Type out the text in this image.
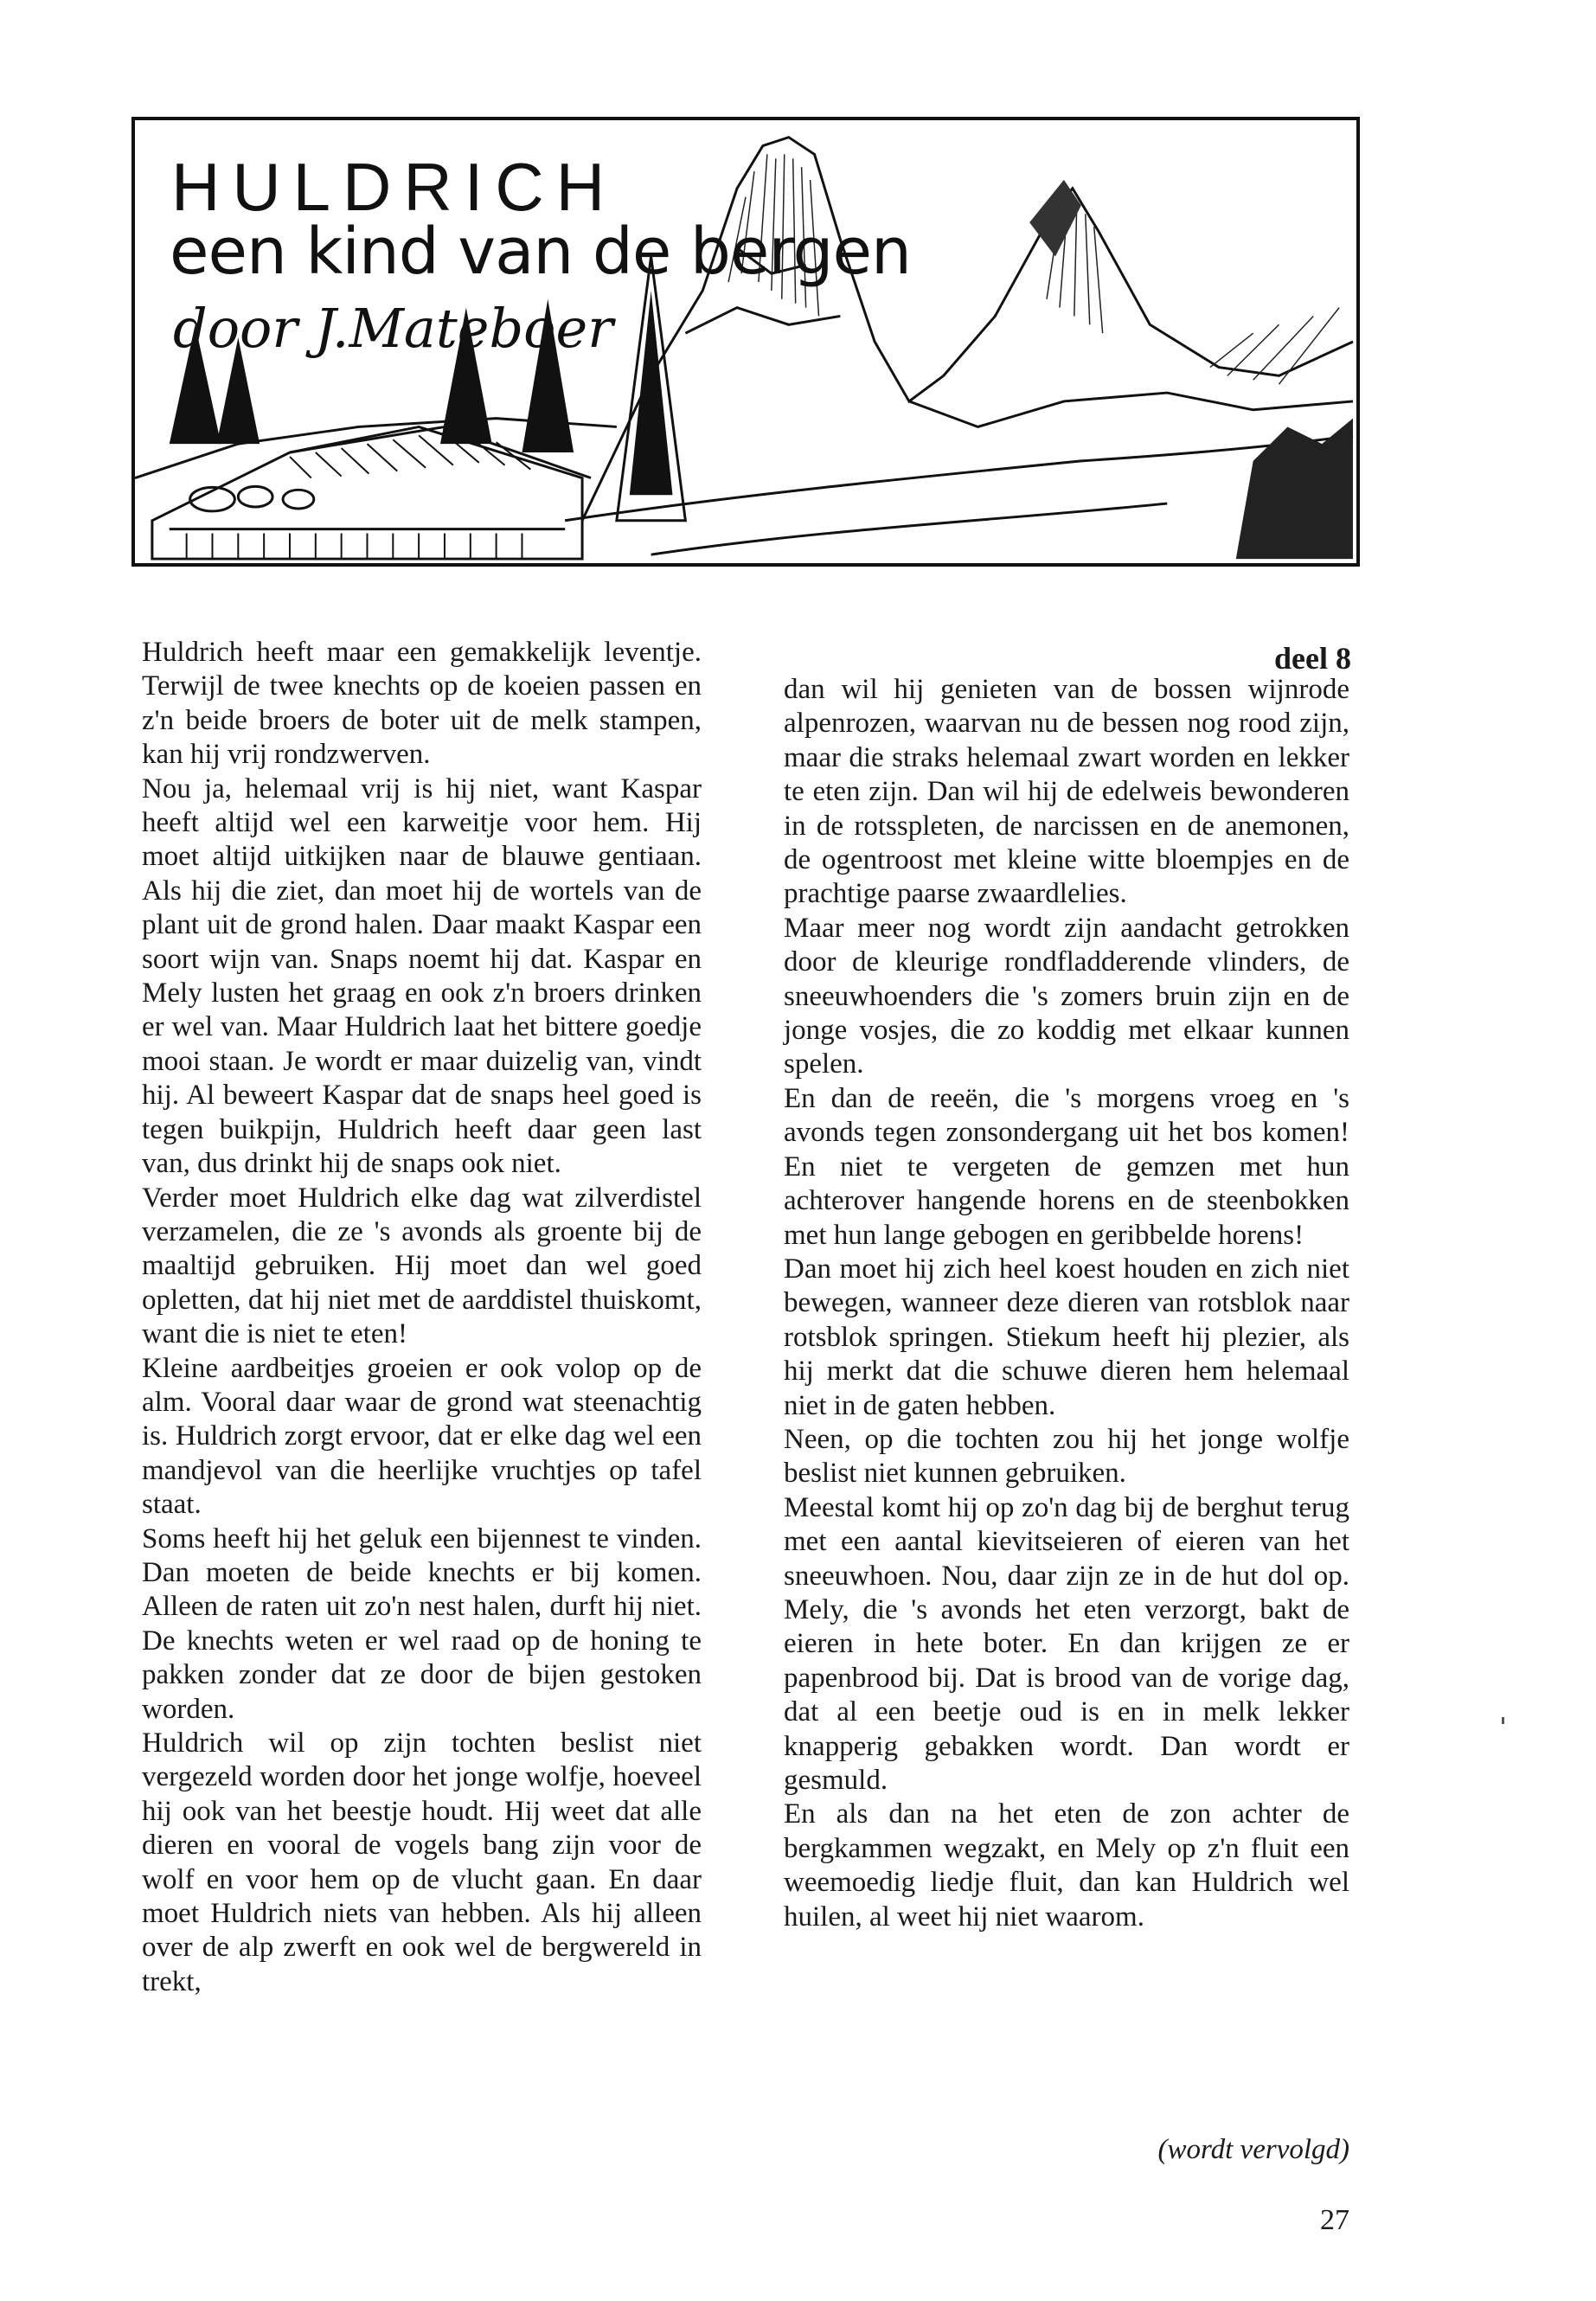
HULDRICH
een kind van de bergen
door J.Mateboer
deel 8

Huldrich heeft maar een gemakkelijk leventje. Terwijl de twee knechts op de koeien passen en z'n beide broers de boter uit de melk stampen, kan hij vrij rondzwerven.

Nou ja, helemaal vrij is hij niet, want Kaspar heeft altijd wel een karweitje voor hem. Hij moet altijd uitkijken naar de blauwe gentiaan. Als hij die ziet, dan moet hij de wortels van de plant uit de grond halen. Daar maakt Kaspar een soort wijn van. Snaps noemt hij dat. Kaspar en Mely lusten het graag en ook z'n broers drinken er wel van. Maar Huldrich laat het bittere goedje mooi staan. Je wordt er maar duizelig van, vindt hij. Al beweert Kaspar dat de snaps heel goed is tegen buikpijn, Huldrich heeft daar geen last van, dus drinkt hij de snaps ook niet.

Verder moet Huldrich elke dag wat zilverdistel verzamelen, die ze 's avonds als groente bij de maaltijd gebruiken. Hij moet dan wel goed opletten, dat hij niet met de aarddistel thuiskomt, want die is niet te eten!

Kleine aardbeitjes groeien er ook volop op de alm. Vooral daar waar de grond wat steenachtig is. Huldrich zorgt ervoor, dat er elke dag wel een mandjevol van die heerlijke vruchtjes op tafel staat.

Soms heeft hij het geluk een bijennest te vinden. Dan moeten de beide knechts er bij komen. Alleen de raten uit zo'n nest halen, durft hij niet. De knechts weten er wel raad op de honing te pakken zonder dat ze door de bijen gestoken worden.

Huldrich wil op zijn tochten beslist niet vergezeld worden door het jonge wolfje, hoeveel hij ook van het beestje houdt. Hij weet dat alle dieren en vooral de vogels bang zijn voor de wolf en voor hem op de vlucht gaan. En daar moet Huldrich niets van hebben. Als hij alleen over de alp zwerft en ook wel de bergwereld in trekt,

dan wil hij genieten van de bossen wijnrode alpenrozen, waarvan nu de bessen nog rood zijn, maar die straks helemaal zwart worden en lekker te eten zijn. Dan wil hij de edelweis bewonderen in de rotsspleten, de narcissen en de anemonen, de ogentroost met kleine witte bloempjes en de prachtige paarse zwaardlelies.

Maar meer nog wordt zijn aandacht getrokken door de kleurige rondfladderende vlinders, de sneeuwhoenders die 's zomers bruin zijn en de jonge vosjes, die zo koddig met elkaar kunnen spelen.

En dan de reeën, die 's morgens vroeg en 's avonds tegen zonsondergang uit het bos komen! En niet te vergeten de gemzen met hun achterover hangende horens en de steenbokken met hun lange gebogen en geribbelde horens!

Dan moet hij zich heel koest houden en zich niet bewegen, wanneer deze dieren van rotsblok naar rotsblok springen. Stiekum heeft hij plezier, als hij merkt dat die schuwe dieren hem helemaal niet in de gaten hebben.

Neen, op die tochten zou hij het jonge wolfje beslist niet kunnen gebruiken.

Meestal komt hij op zo'n dag bij de berghut terug met een aantal kievitseieren of eieren van het sneeuwhoen. Nou, daar zijn ze in de hut dol op. Mely, die 's avonds het eten verzorgt, bakt de eieren in hete boter. En dan krijgen ze er papenbrood bij. Dat is brood van de vorige dag, dat al een beetje oud is en in melk lekker knapperig gebakken wordt. Dan wordt er gesmuld.

En als dan na het eten de zon achter de bergkammen wegzakt, en Mely op z'n fluit een weemoedig liedje fluit, dan kan Huldrich wel huilen, al weet hij niet waarom.

(wordt vervolgd)
27
